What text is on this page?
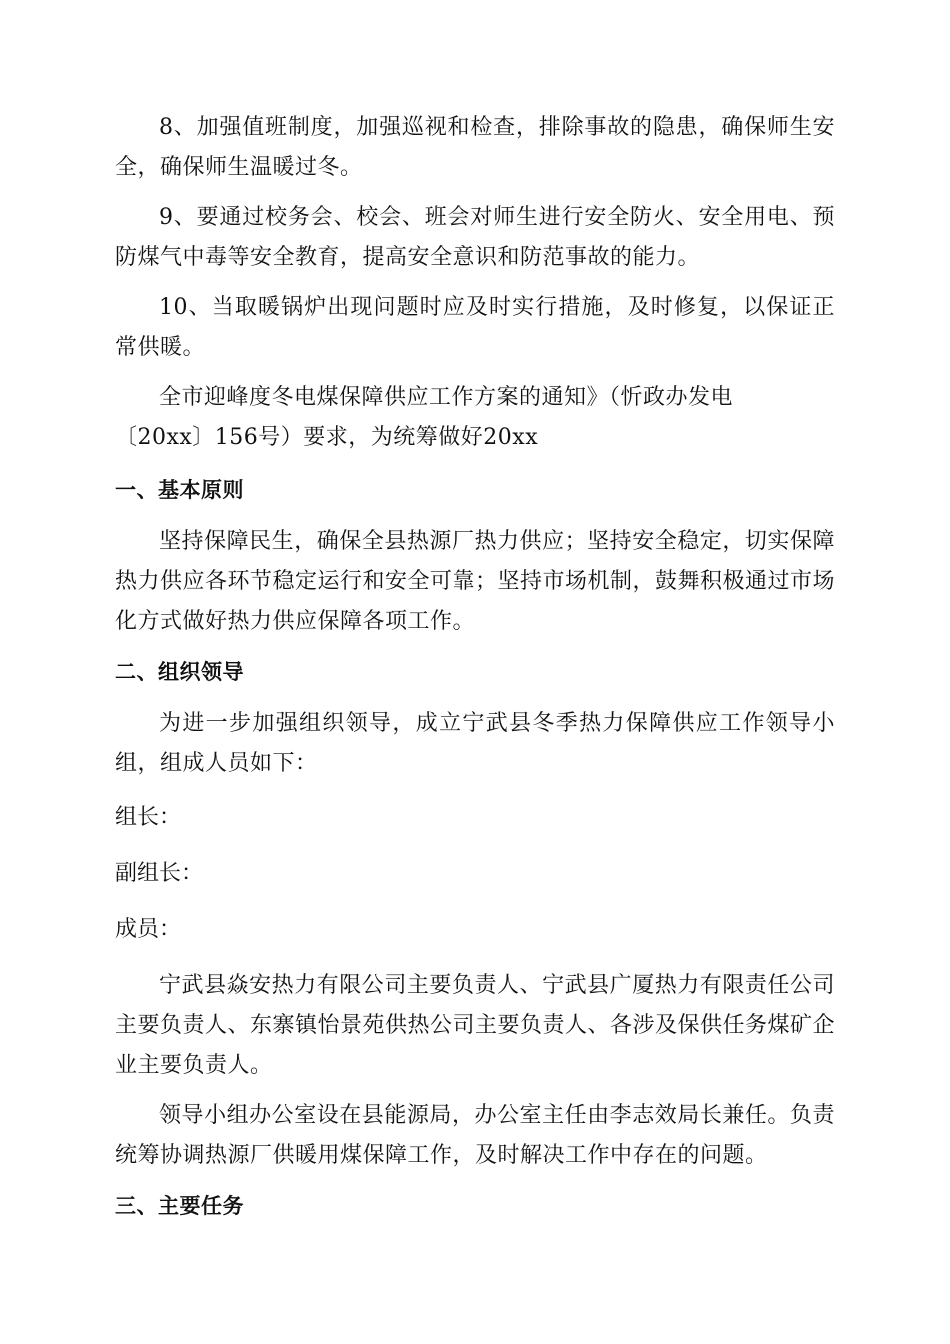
8、加强值班制度，加强巡视和检查，排除事故的隐患，确保师生安全，确保师生温暖过冬。

9、要通过校务会、校会、班会对师生进行安全防火、安全用电、预防煤气中毒等安全教育，提高安全意识和防范事故的能力。

10、当取暖锅炉出现问题时应及时实行措施，及时修复，以保证正常供暖。

全市迎峰度冬电煤保障供应工作方案的通知》（忻政办发电

〔20xx〕156号）要求，为统筹做好20xx

一、基本原则

坚持保障民生，确保全县热源厂热力供应；坚持安全稳定，切实保障热力供应各环节稳定运行和安全可靠；坚持市场机制，鼓舞积极通过市场化方式做好热力供应保障各项工作。

二、组织领导

为进一步加强组织领导，成立宁武县冬季热力保障供应工作领导小组，组成人员如下：

组长：

副组长：

成员：

宁武县焱安热力有限公司主要负责人、宁武县广厦热力有限责任公司主要负责人、东寨镇怡景苑供热公司主要负责人、各涉及保供任务煤矿企业主要负责人。

领导小组办公室设在县能源局，办公室主任由李志效局长兼任。负责统筹协调热源厂供暖用煤保障工作，及时解决工作中存在的问题。

三、主要任务
